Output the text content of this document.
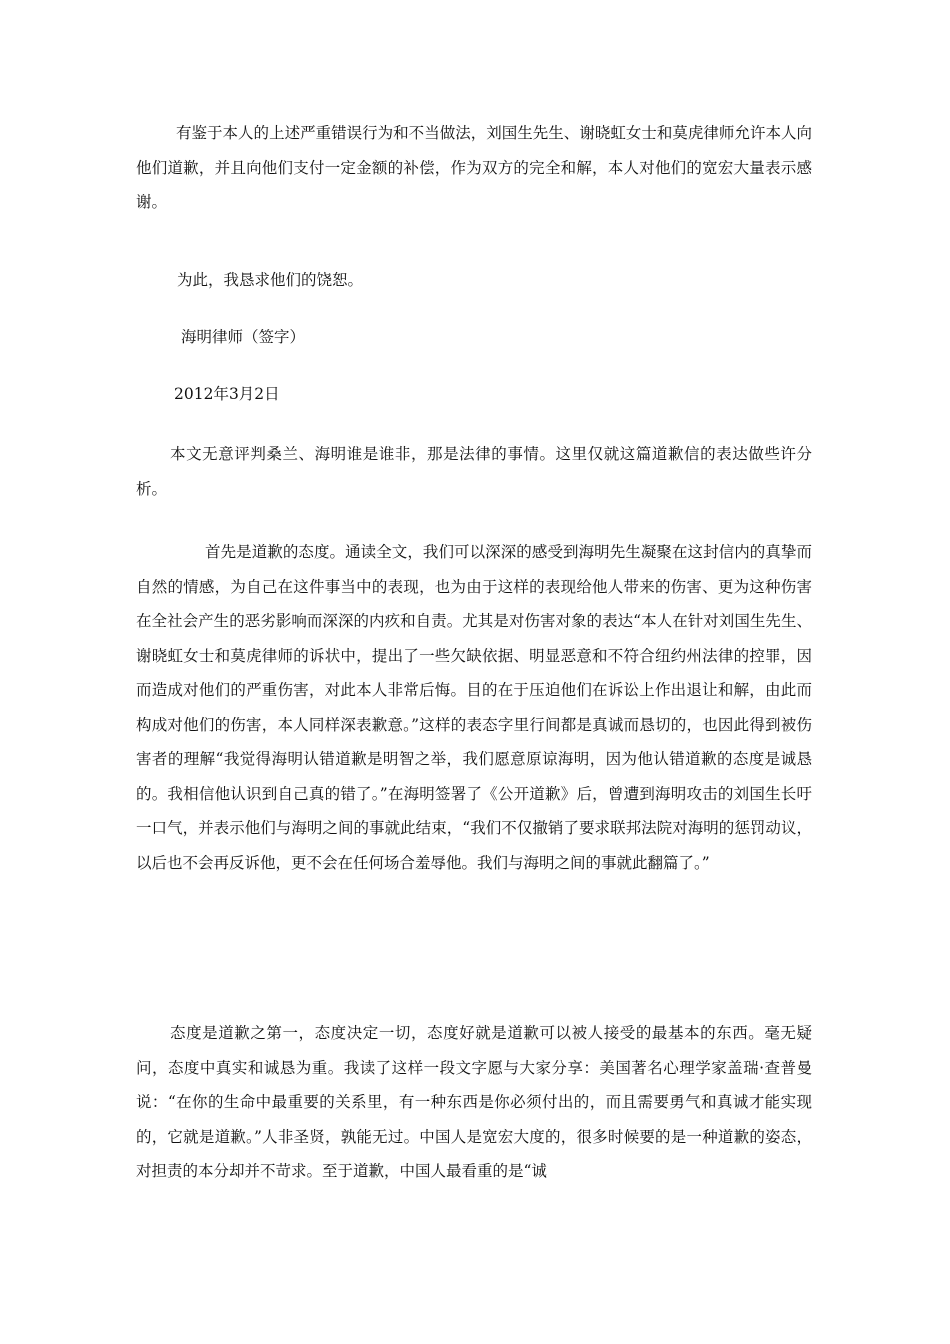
有鉴于本人的上述严重错误行为和不当做法，刘国生先生、谢晓虹女士和莫虎律师允许本人向他们道歉，并且向他们支付一定金额的补偿，作为双方的完全和解，本人对他们的宽宏大量表示感谢。

为此，我恳求他们的饶恕。

海明律师（签字）

2012年3月2日

本文无意评判桑兰、海明谁是谁非，那是法律的事情。这里仅就这篇道歉信的表达做些许分析。

首先是道歉的态度。通读全文，我们可以深深的感受到海明先生凝聚在这封信内的真挚而自然的情感，为自己在这件事当中的表现，也为由于这样的表现给他人带来的伤害、更为这种伤害在全社会产生的恶劣影响而深深的内疚和自责。尤其是对伤害对象的表达“本人在针对刘国生先生、谢晓虹女士和莫虎律师的诉状中，提出了一些欠缺依据、明显恶意和不符合纽约州法律的控罪，因而造成对他们的严重伤害，对此本人非常后悔。目的在于压迫他们在诉讼上作出退让和解，由此而构成对他们的伤害，本人同样深表歉意。”这样的表态字里行间都是真诚而恳切的，也因此得到被伤害者的理解“我觉得海明认错道歉是明智之举，我们愿意原谅海明，因为他认错道歉的态度是诚恳的。我相信他认识到自己真的错了。”在海明签署了《公开道歉》后，曾遭到海明攻击的刘国生长吁一口气，并表示他们与海明之间的事就此结束，“我们不仅撤销了要求联邦法院对海明的惩罚动议，以后也不会再反诉他，更不会在任何场合羞辱他。我们与海明之间的事就此翻篇了。”

态度是道歉之第一，态度决定一切，态度好就是道歉可以被人接受的最基本的东西。毫无疑问，态度中真实和诚恳为重。我读了这样一段文字愿与大家分享：美国著名心理学家盖瑞·查普曼说：“在你的生命中最重要的关系里，有一种东西是你必须付出的，而且需要勇气和真诚才能实现的，它就是道歉。”人非圣贤，孰能无过。中国人是宽宏大度的，很多时候要的是一种道歉的姿态，对担责的本分却并不苛求。至于道歉，中国人最看重的是“诚
